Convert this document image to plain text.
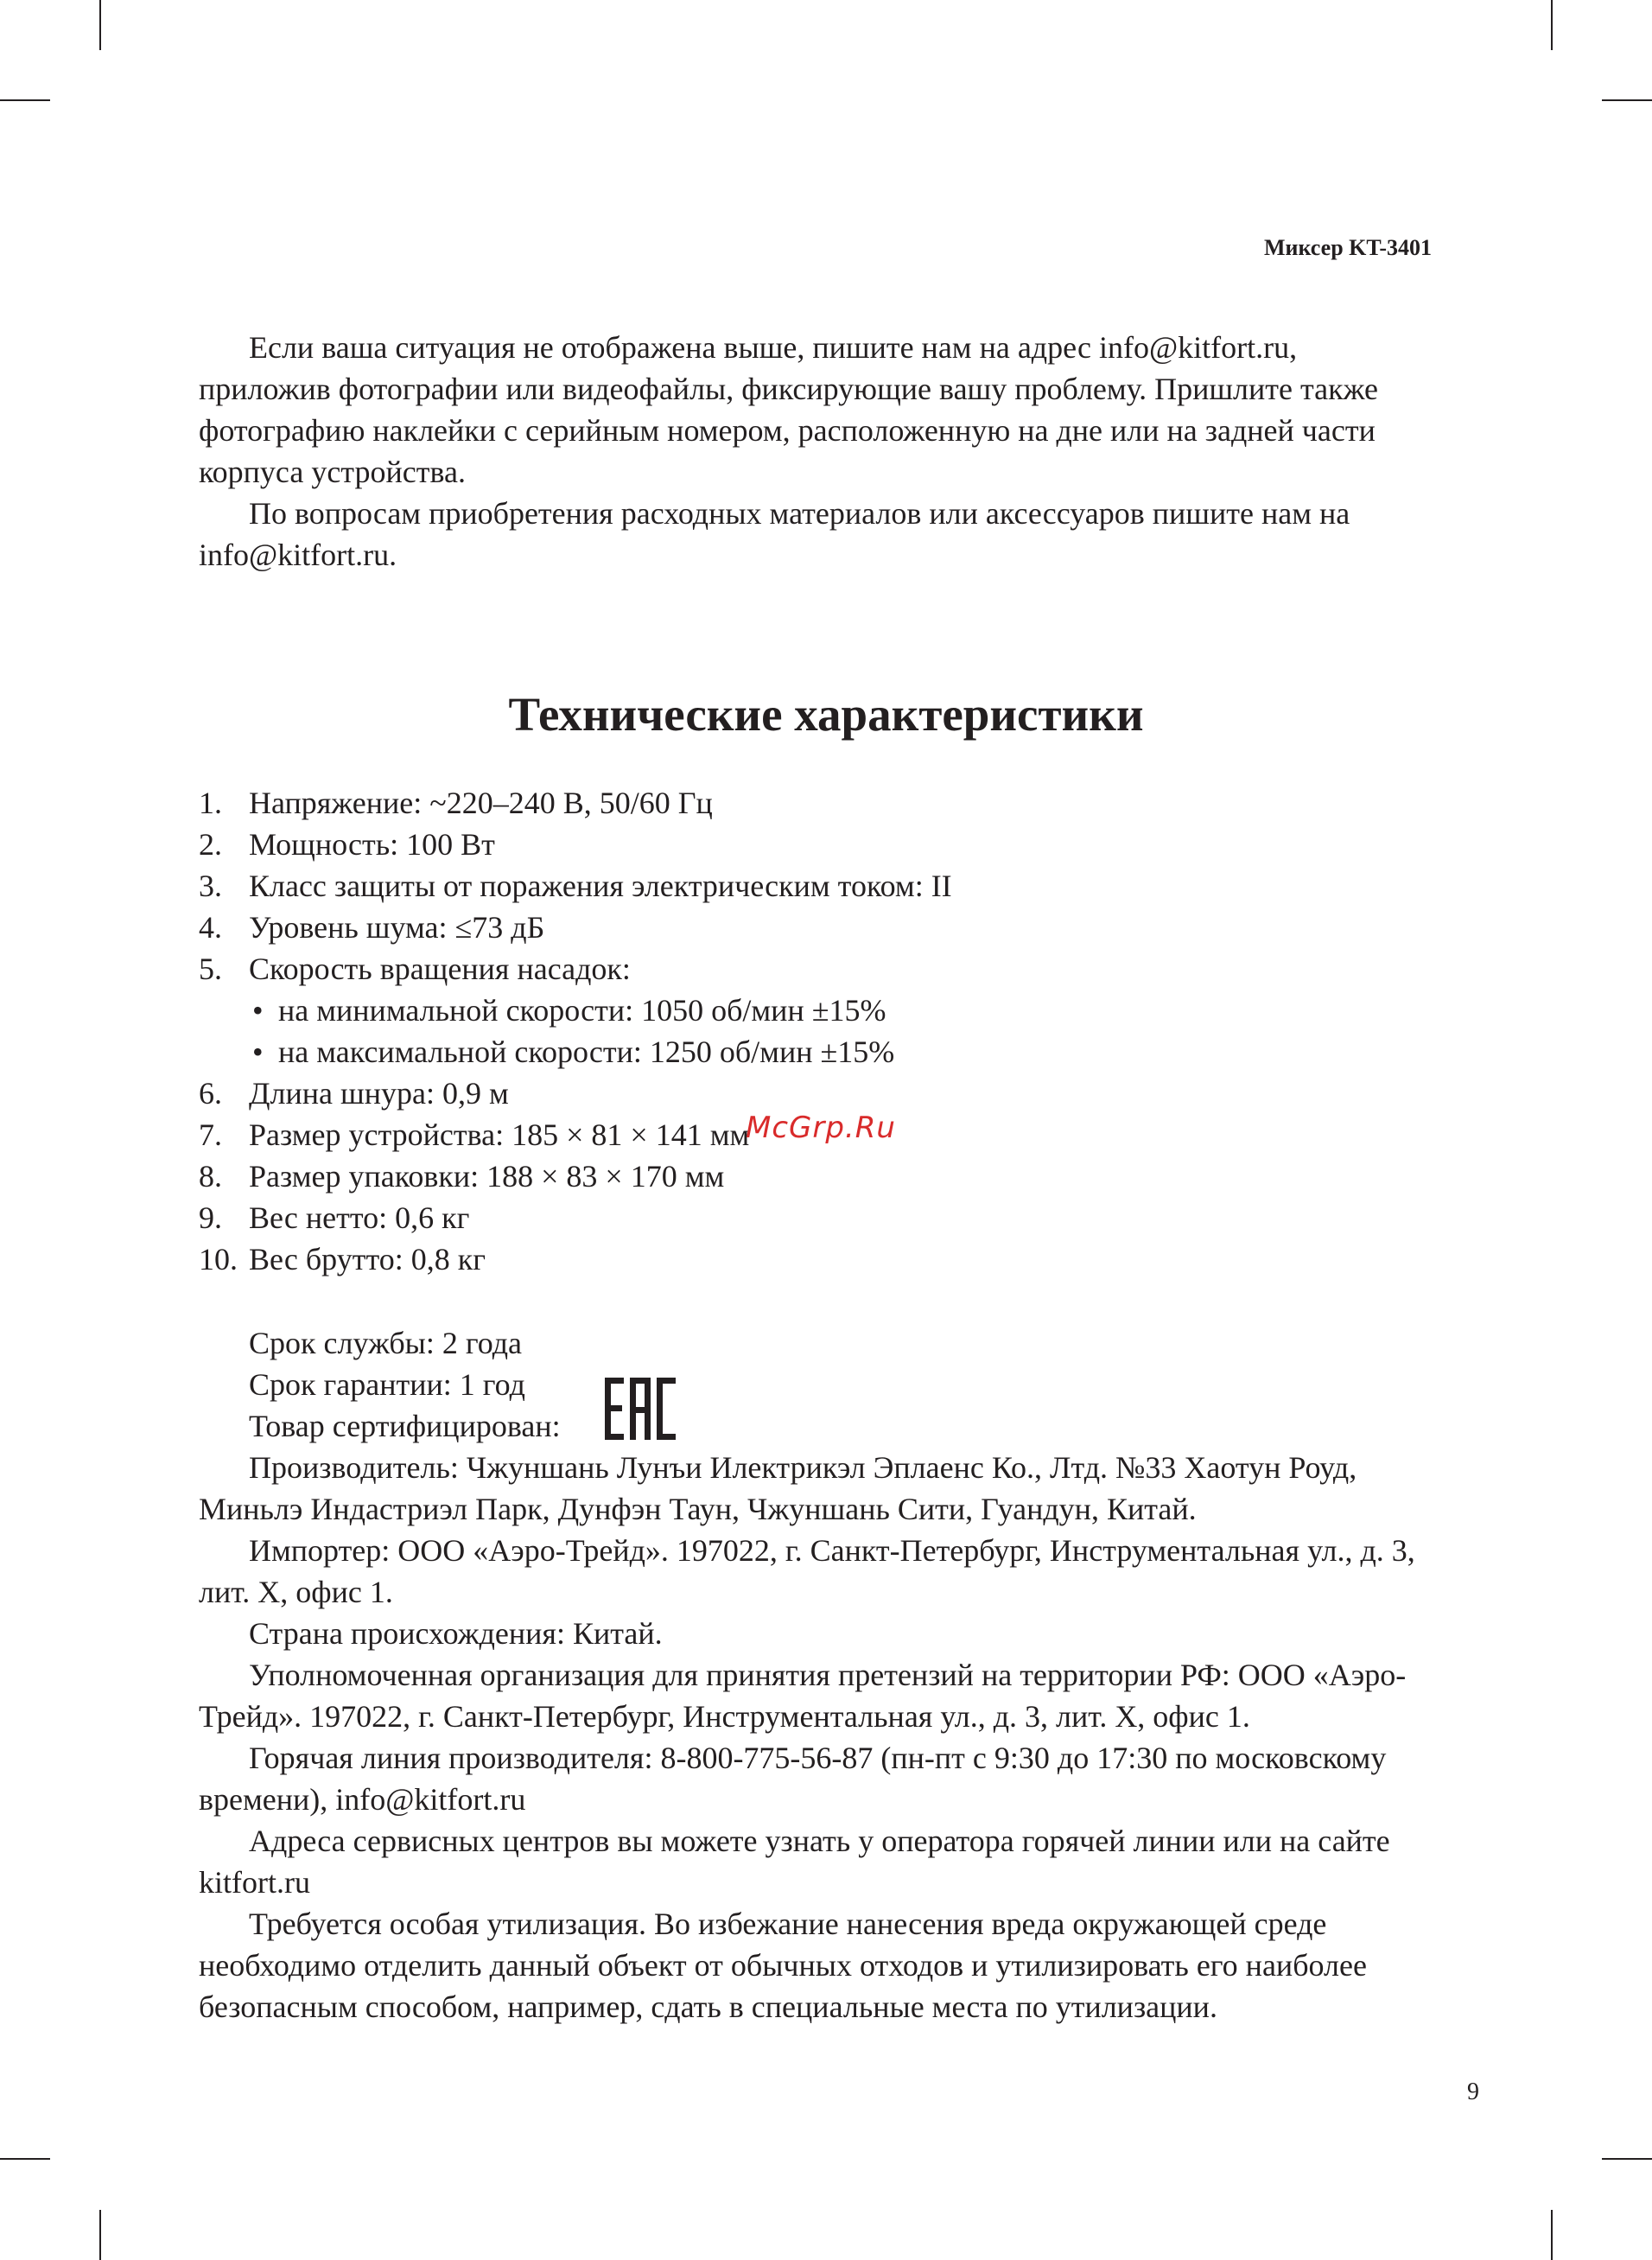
Миксер KT-3401

Если ваша ситуация не отображена выше, пишите нам на адрес info@kitfort.ru, приложив фотографии или видеофайлы, фиксирующие вашу проблему. Пришлите также фотографию наклейки с серийным номером, расположенную на дне или на задней части корпуса устройства.

По вопросам приобретения расходных материалов или аксессуаров пишите нам на info@kitfort.ru.

Технические характеристики
1. Напряжение: ~220–240 В, 50/60 Гц
2. Мощность: 100 Вт
3. Класс защиты от поражения электрическим током: II
4. Уровень шума: ≤73 дБ
5. Скорость вращения насадок:
• на минимальной скорости: 1050 об/мин ±15%
• на максимальной скорости: 1250 об/мин ±15%
6. Длина шнура: 0,9 м
7. Размер устройства: 185 × 81 × 141 мм
8. Размер упаковки: 188 × 83 × 170 мм
9. Вес нетто: 0,6 кг
10. Вес брутто: 0,8 кг
McGrp.Ru

Срок службы: 2 года

Срок гарантии: 1 год

Товар сертифицирован:

Производитель: Чжуншань Лунъи Илектрикэл Эплаенс Ко., Лтд. №33 Хаотун Роуд, Миньлэ Индастриэл Парк, Дунфэн Таун, Чжуншань Сити, Гуандун, Китай.

Импортер: ООО «Аэро-Трейд». 197022, г. Санкт-Петербург, Инструментальная ул., д. 3, лит. Х, офис 1.

Страна происхождения: Китай.

Уполномоченная организация для принятия претензий на территории РФ: ООО «Аэро-Трейд». 197022, г. Санкт-Петербург, Инструментальная ул., д. 3, лит. Х, офис 1.

Горячая линия производителя: 8-800-775-56-87 (пн-пт с 9:30 до 17:30 по московскому времени), info@kitfort.ru

Адреса сервисных центров вы можете узнать у оператора горячей линии или на сайте kitfort.ru

Требуется особая утилизация. Во избежание нанесения вреда окружающей среде необходимо отделить данный объект от обычных отходов и утилизировать его наиболее безопасным способом, например, сдать в специальные места по утилизации.

9
